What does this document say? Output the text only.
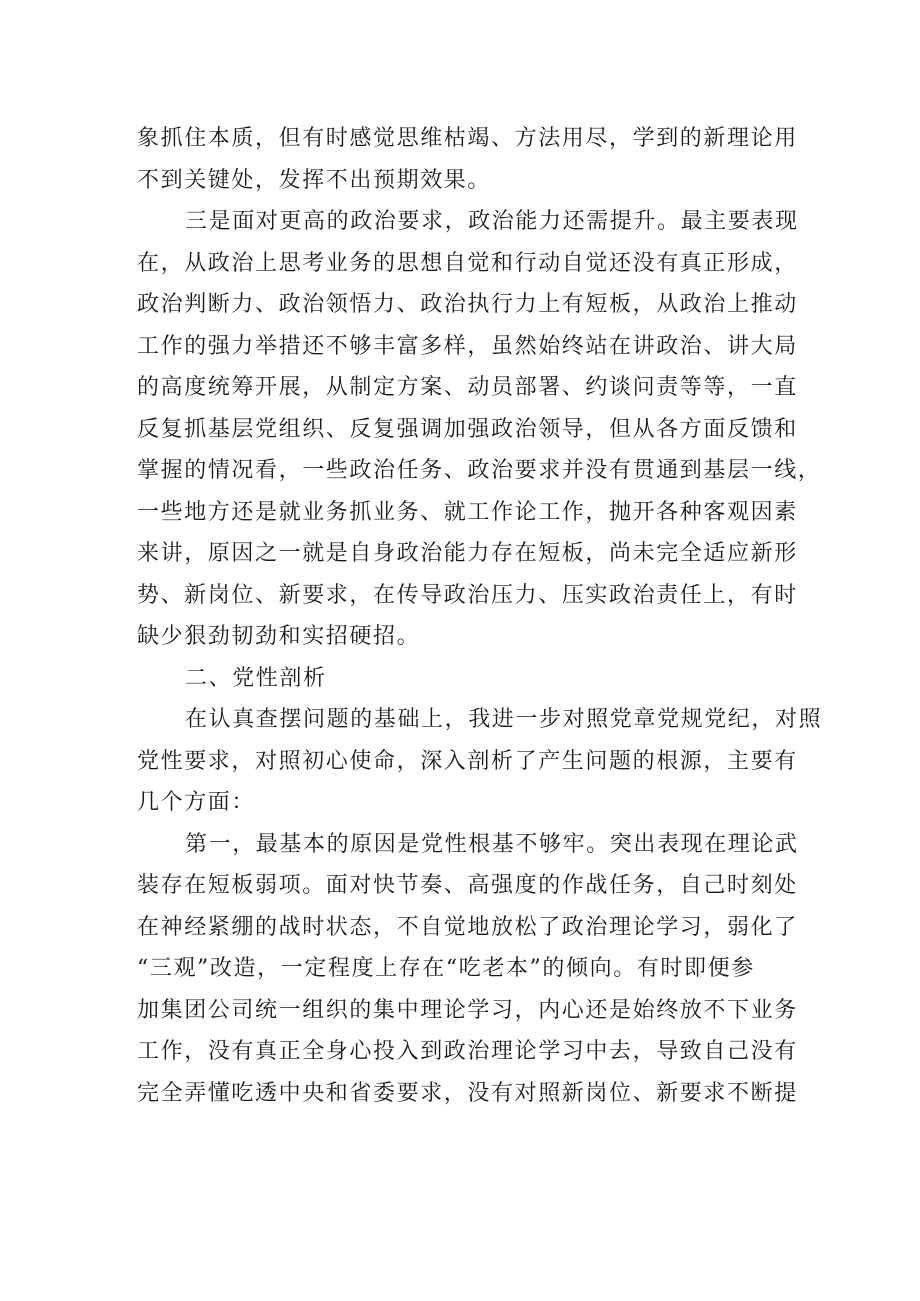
象抓住本质，但有时感觉思维枯竭、方法用尽，学到的新理论用
不到关键处，发挥不出预期效果。
三是面对更高的政治要求，政治能力还需提升。最主要表现
在，从政治上思考业务的思想自觉和行动自觉还没有真正形成，
政治判断力、政治领悟力、政治执行力上有短板，从政治上推动
工作的强力举措还不够丰富多样，虽然始终站在讲政治、讲大局
的高度统筹开展，从制定方案、动员部署、约谈问责等等，一直
反复抓基层党组织、反复强调加强政治领导，但从各方面反馈和
掌握的情况看，一些政治任务、政治要求并没有贯通到基层一线，
一些地方还是就业务抓业务、就工作论工作，抛开各种客观因素
来讲，原因之一就是自身政治能力存在短板，尚未完全适应新形
势、新岗位、新要求，在传导政治压力、压实政治责任上，有时
缺少狠劲韧劲和实招硬招。
二、党性剖析
在认真查摆问题的基础上，我进一步对照党章党规党纪，对照
党性要求，对照初心使命，深入剖析了产生问题的根源，主要有
几个方面：
第一，最基本的原因是党性根基不够牢。突出表现在理论武
装存在短板弱项。面对快节奏、高强度的作战任务，自己时刻处
在神经紧绷的战时状态，不自觉地放松了政治理论学习，弱化了
“三观”改造，一定程度上存在“吃老本”的倾向。有时即便参
加集团公司统一组织的集中理论学习，内心还是始终放不下业务
工作，没有真正全身心投入到政治理论学习中去，导致自己没有
完全弄懂吃透中央和省委要求，没有对照新岗位、新要求不断提
